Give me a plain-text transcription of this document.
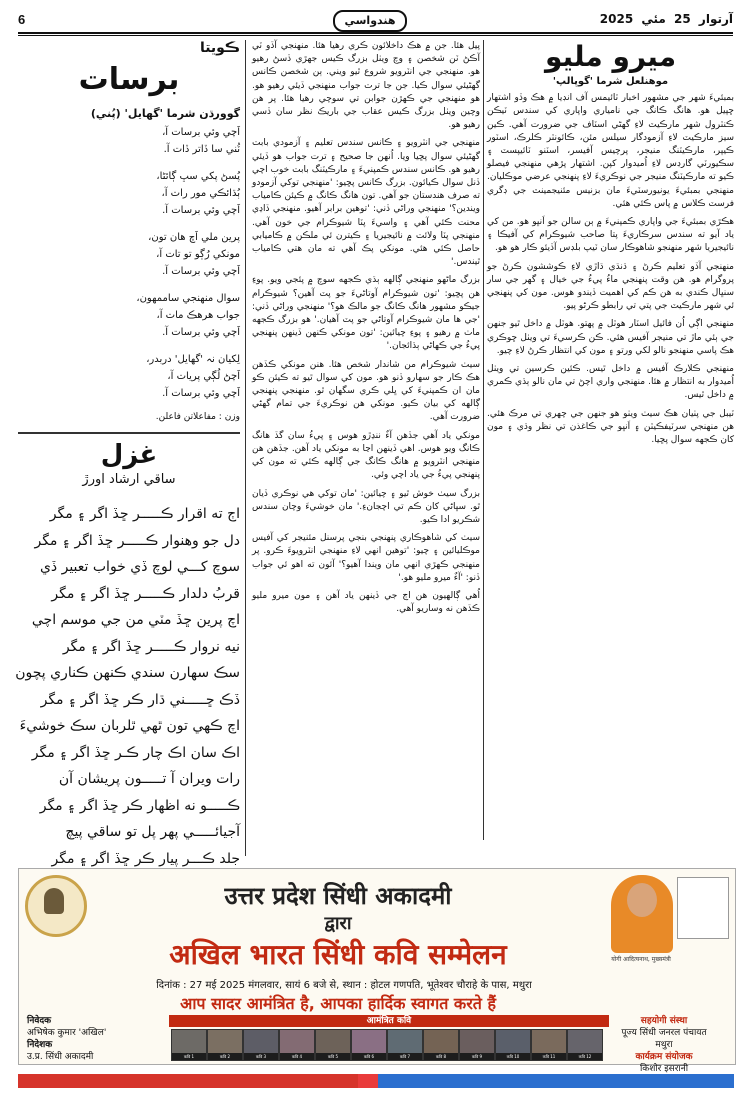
6	هندواسي	آرتوار 25 مئي 2025
ميرو مليو
موهنلعل شرما 'گوپالپ'

بمبئيءَ شهر جي مشهور اخبار ٽائيمس آف انڊيا ۾ هڪ وڏو اشتهار ڇپيل هو. هانگ ڪانگ جي نامياري واپاري کي سندس ٽيڪن ڪنٽرول شهر مارڪيٽ لاءِ گهڻي اسٽاف جي ضرورت آهي. ڪين سيز مارڪيٽ لاءِ آزمودگار سيلس مئن، ڪائونٽر ڪلرڪ، اسٽور ڪيپر، مارڪيٽنگ منيجر، پرچيس آفيسر، اسٽنو ٽائيپسٽ ۽ سڪيورٽي گارڊس لاءِ اُميدوار کپن. اشتهار پڙهي منهنجي فيصلو ڪيو ته مارڪيٽنگ منيجر جي نوڪريءَ لاءِ پنهنجي عرضي موڪليان. منهنجي بمبئيءَ يونيورسٽيءَ مان بزنيس مئنيجمينٽ جي ڊگري فرسٽ ڪلاس ۾ پاس ڪئي هئي.

هڪڙي بمبئيءَ جي واپاري ڪمپنيءَ ۾ ٻن سالن جو اَنڀو هو. من کي ياد آيو ته سندس سرڪاريءَ پتا صاحب شيوڪرام کي آفيڪا ۽ نائيجيريا شهر منهنجو شاهوڪار سان ٽيپ بلڊس آڏيئو ڪار هو هو.

منهنجي آڏو تعليم ڪرڻ ۽ ڌنڌي ڌاڙي لاءِ ڪوششون ڪرڻ جو پروگرام هو. هن وقت پنهنجي ماءُ پيءُ جي خيال ۽ گهر جي سار سنڀال ڪندي به هن ڪم کي اهميت ڏيندو هوس. مون کي پنهنجي ئي شهر مارڪيٽ جي پتي تي رابطو ڪرڻو پيو.

منهنجي اڳي اُن فائيل اسٽار هوٽل ۾ پهتو. هوٽل ۾ داخل ٿيو جنهن جي ٻئي ماڙ تي منيجر آفيس هئي. ڪن ڪرسيءَ تي ويٺل ڇوڪري هڪ پاسي منهنجو نالو لکي ورتو ۽ مون کي انتظار ڪرڻ لاءِ چيو.

منهنجي ڪلارڪ آفيس ۾ داخل ٿيس. ڪئين ڪرسين تي ويٺل اُميدوار به انتظار ۾ هئا. منهنجي واري اچڻ تي مان نالو ٻڌي ڪمري ۾ داخل ٿيس.

ٽيبل جي پٺيان هڪ سيٺ ويٺو هو جنهن جي چهري تي مرڪ هئي. هن منهنجي سرٽيفڪيٽن ۽ اَنڀو جي ڪاغذن تي نظر وڌي ۽ مون کان ڪجهه سوال پڇيا.

پيل هئا. جن ۾ هڪ داخلائون ڪري رهيا هئا. منهنجي آڏو ٽي آڪڻ ٽن شخصن ۽ وچ ويٺل بزرگ ڪيس جهڙي ڏسڻ رهيو هو. منهنجي جي انٽرويو شروع ٿيو ويني. ٻن شخصن ڪانس گهڻيئي سوال ڪيا. جن جا ترت جواب منهنجي ڏيئي رهيو هو. هو منهنجي جي ڪهڙن جوابن تي سوچي رهيا هئا. پر هن وچين ويٺل بزرگ ڪيس عقاب جي باريڪ نظر سان ڏسي رهيو هو.

منهنجي جي انٽرويو ۽ ڪانس سندس تعليم ۽ آزمودي بابت گهڻيئي سوال پڇيا ويا. اُنهن جا صحيح ۽ ترت جواب هو ڏيئي رهيو هو. ڪانس سندس ڪمپنيءَ ۽ مارڪيٽنگ بابت خوب اچي ڏنل سوال ڪيائون. بزرگ ڪانس پڇيو: 'منهنجي توکي آزمودو ته صرف هندستان جو آهي. تون هانگ ڪانگ ۾ ڪيئن ڪامياب ويندين؟' منهنجي وراڻي ڏني: 'توهين برابر آهيو. منهنجي ڏاڍي محنت ڪئي آهي ۽ واسيءَ پٽا شيوڪرام جي خون آهي. منهنجي پٽا ولائت ۾ نائيجيريا ۽ ڪيترن ئي ملڪن ۾ ڪاميابي حاصل ڪئي هئي. مونکي پڪ آهي ته مان هتي ڪامياب ٿيندس.'

بزرگ ماڻهو منهنجي ڳالهه ٻڌي ڪجهه سوچ ۾ پئجي ويو. پوءِ هن پڇيو: 'تون شيوڪرام آوتاڻيءَ جو پٽ آهين؟ شيوڪرام جيڪو مشهور هانگ ڪانگ جو مالڪ هو؟' منهنجي وراڻي ڏني: 'جي ها مان شيوڪرام آوتاڻي جو پٽ آهيان.' هو بزرگ ڪجهه ماٺ ۾ رهيو ۽ پوءِ چيائين: 'تون مونکي ڪنهن ڏينهن پنهنجي پيءُ جي ڪهاڻي ٻڌائجان.'

سيٺ شيوڪرام من شاندار شخص هئا. هنن مونکي ڪڏهن هڪ ڪار جو سهارو ڏنو هو. مون کي سوال ٿيو ته ڪيئن ڪو مان ان ڪمپنيءَ کي ڀلي ڪري سگهان ٿو. منهنجي پنهنجي ڳالهه کي بيان ڪيو. مونکي هن نوڪريءَ جي تمام گهڻي ضرورت آهي.

مونکي ياد آهي جڏهن آءٌ ننڍڙو هوس ۽ پيءُ سان گڏ هانگ ڪانگ ويو هوس. اهي ڏينهن اڃا به مونکي ياد آهن. جڏهن هن منهنجي انٽرويو ۾ هانگ ڪانگ جي ڳالهه ڪئي ته مون کي پنهنجي پيءُ جي ياد اچي وئي.

بزرگ سيٺ خوش ٿيو ۽ چيائين: 'مان توکي هي نوڪري ڏيان ٿو. سڀاڻي کان ڪم تي اچجانءِ.' مان خوشيءَ وچان سندس شڪريو ادا ڪيو.

سيٺ کي شاهوڪاري پنهنجي بنجي پرسنل مئنيجر کي آفيس موڪليائين ۽ چيو: 'توهين انهي لاءِ منهنجي انٽرويوءَ ڪرو. پر منهنجي ڪهڙي انهي مان ويندا آهيو؟' آئون ته اهو ئي جواب ڏنو: 'آءٌ ميرو مليو هو.'

اُهي ڳالهيون هن اڄ جي ڏينهن ياد آهن ۽ مون ميرو مليو ڪڏهن نه وساريو آهي.

ڪويتا
برسات
گوورڌن شرما 'گهايل' (پُني)
اَچي وئي برسات آ،
ٽُني سا ڏاتر ڏات آ.
پُسڻ پکي سڀ ڳائڻا،
ٻُڌائڪي مور رات آ،
اَچي وئي برسات آ.
پرين ملي اَچ هان تون،
مونکي رُڳو تو تات آ،
اَچي وئي برسات آ.
سوال منهنجي ساممهون،
جواب هرهڪ مات آ،
اَچي وئي برسات آ.
لِکيان نہ 'گهايل' دربدر،
اَچڻ لُڳي پريات آ،
اَچي وئي برسات آ.
وزن : مفاعلاتن فاعلن.
غزل
ساقي ارشاد اورڙ
اڄ ته اقرار ڪـــــر ڇڏ اگر ۽ مگر
دل جو وهنوار ڪـــــر ڇڏ اگر ۽ مگر
سوچ کـــي لوچ ڏي خواب تعبير ڏي
قربُ دلدار ڪـــــر ڇڏ اگر ۽ مگر
اچ پرين ڇڏ مٽي من جي موسم اچي
نيه نروار ڪـــــر ڇڏ اگر ۽ مگر
سڪ سهارن سندي ڪنهن ڪناري پچون
ڏڪ ڇـــــني ڌار ڪر ڇڏ اگر ۽ مگر
اچ ڪهي تون ٿهي ٿلربان سڪ خوشيءَ
اڪ سان اڪ چار ڪـر ڇڏ اگر ۽ مگر
رات ويران آ تـــــون پريشان آن
ڪـــــو نه اظهار ڪر ڇڏ اگر ۽ مگر
آجيائـــــي پهر پل تو ساقي پيچ
جلد ڪـــر پيار ڪر ڇڏ اگر ۽ مگر
उत्तर प्रदेश सिंधी अकादमी
द्वारा
अखिल भारत सिंधी कवि सम्मेलन	योगी आदित्यनाथ, मुख्यमंत्री
दिनांक : 27 मई 2025 मंगलवार, सायं 6 बजे से, स्थान : होटल गणपति, भूतेश्वर चौराहे के पास, मथुरा
आप सादर आमंत्रित है, आपका हार्दिक स्वागत करते हैं
निवेदक
अभिषेक कुमार 'अखिल'
निदेशक
उ.प्र. सिंधी अकादमी
आमंत्रित कवि
कवि 1	कवि 2	कवि 3	कवि 4	कवि 5	कवि 6	कवि 7	कवि 8	कवि 9	कवि 10	कवि 11	कवि 12
सहयोगी संस्था
पूज्य सिंधी जनरल पंचायत
मथुरा
कार्यक्रम संयोजक
किशोर इसरानी
